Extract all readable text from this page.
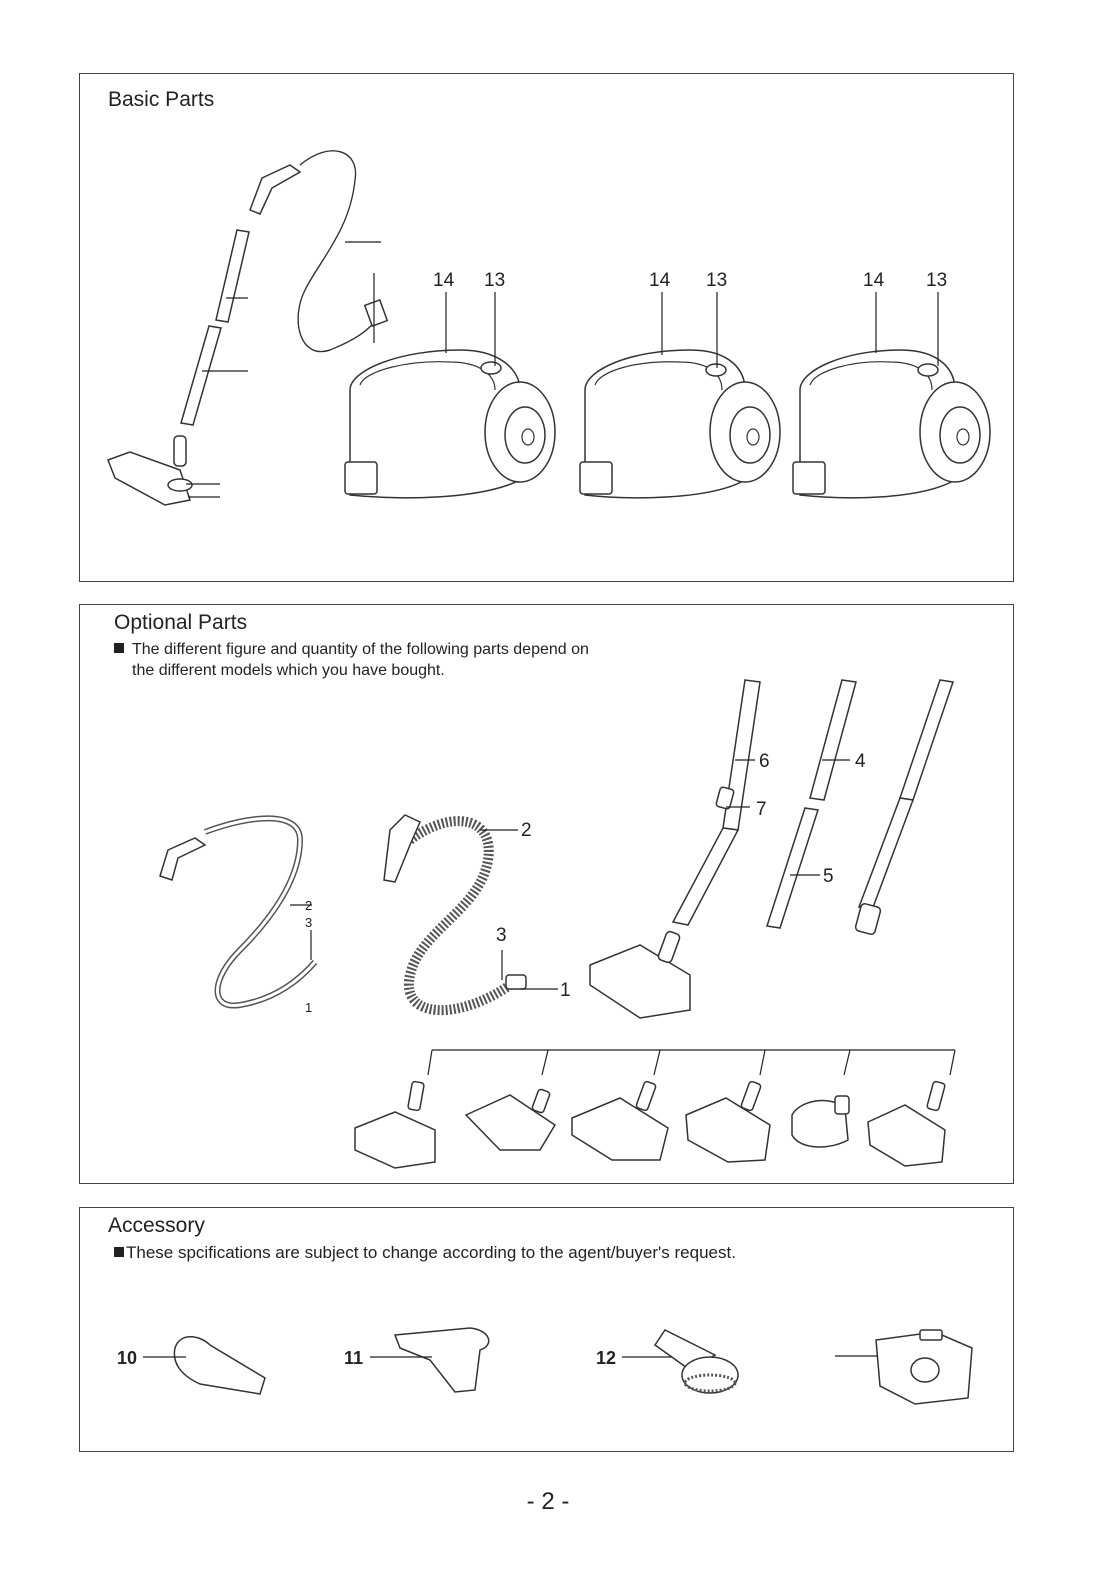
Basic Parts
14 13	14 13	14 13
Optional Parts
The different figure and quantity of the following parts depend on
the different models which you have bought.
2
3
1
2
3
1
6
7
4
5
Accessory
These spcifications are subject to change according to the agent/buyer's request.
10	11	12
- 2 -
